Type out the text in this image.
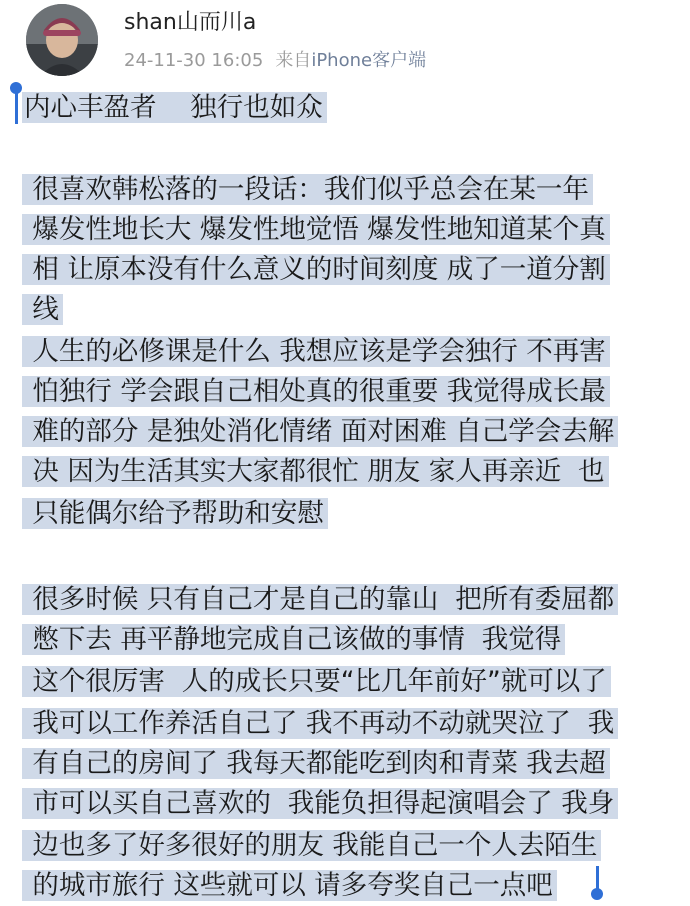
shan山而川a
24-11-30 16:05 来自iPhone客户端
内心丰盈者    独行也如众
很喜欢韩松落的一段话：我们似乎总会在某一年
爆发性地长大 爆发性地觉悟 爆发性地知道某个真
相 让原本没有什么意义的时间刻度 成了一道分割
线
人生的必修课是什么 我想应该是学会独行 不再害
怕独行 学会跟自己相处真的很重要 我觉得成长最
难的部分 是独处消化情绪 面对困难 自己学会去解
决 因为生活其实大家都很忙 朋友 家人再亲近  也
只能偶尔给予帮助和安慰
很多时候 只有自己才是自己的靠山  把所有委屈都
憋下去 再平静地完成自己该做的事情  我觉得
这个很厉害  人的成长只要“比几年前好”就可以了
我可以工作养活自己了 我不再动不动就哭泣了  我
有自己的房间了 我每天都能吃到肉和青菜 我去超
市可以买自己喜欢的  我能负担得起演唱会了 我身
边也多了好多很好的朋友 我能自己一个人去陌生
的城市旅行 这些就可以 请多夸奖自己一点吧
